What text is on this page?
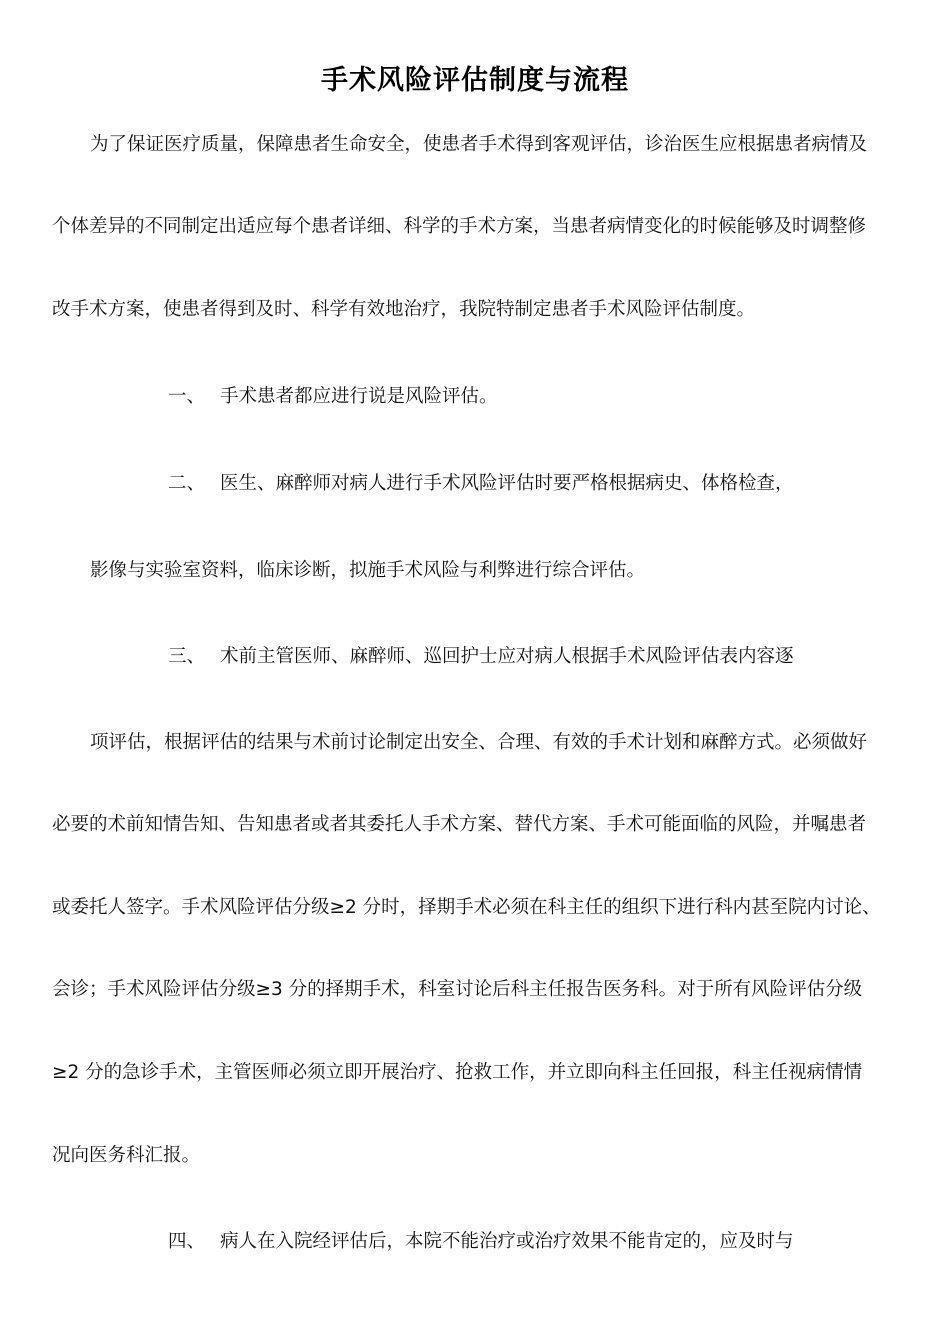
手术风险评估制度与流程
为了保证医疗质量，保障患者生命安全，使患者手术得到客观评估，诊治医生应根据患者病情及
个体差异的不同制定出适应每个患者详细、科学的手术方案，当患者病情变化的时候能够及时调整修
改手术方案，使患者得到及时、科学有效地治疗，我院特制定患者手术风险评估制度。
一、 手术患者都应进行说是风险评估。
二、 医生、麻醉师对病人进行手术风险评估时要严格根据病史、体格检查，
影像与实验室资料，临床诊断，拟施手术风险与利弊进行综合评估。
三、 术前主管医师、麻醉师、巡回护士应对病人根据手术风险评估表内容逐
项评估，根据评估的结果与术前讨论制定出安全、合理、有效的手术计划和麻醉方式。必须做好
必要的术前知情告知、告知患者或者其委托人手术方案、替代方案、手术可能面临的风险，并嘱患者
或委托人签字。手术风险评估分级≥2 分时，择期手术必须在科主任的组织下进行科内甚至院内讨论、
会诊；手术风险评估分级≥3 分的择期手术，科室讨论后科主任报告医务科。对于所有风险评估分级
≥2 分的急诊手术，主管医师必须立即开展治疗、抢救工作，并立即向科主任回报，科主任视病情情
况向医务科汇报。
四、 病人在入院经评估后，本院不能治疗或治疗效果不能肯定的，应及时与
